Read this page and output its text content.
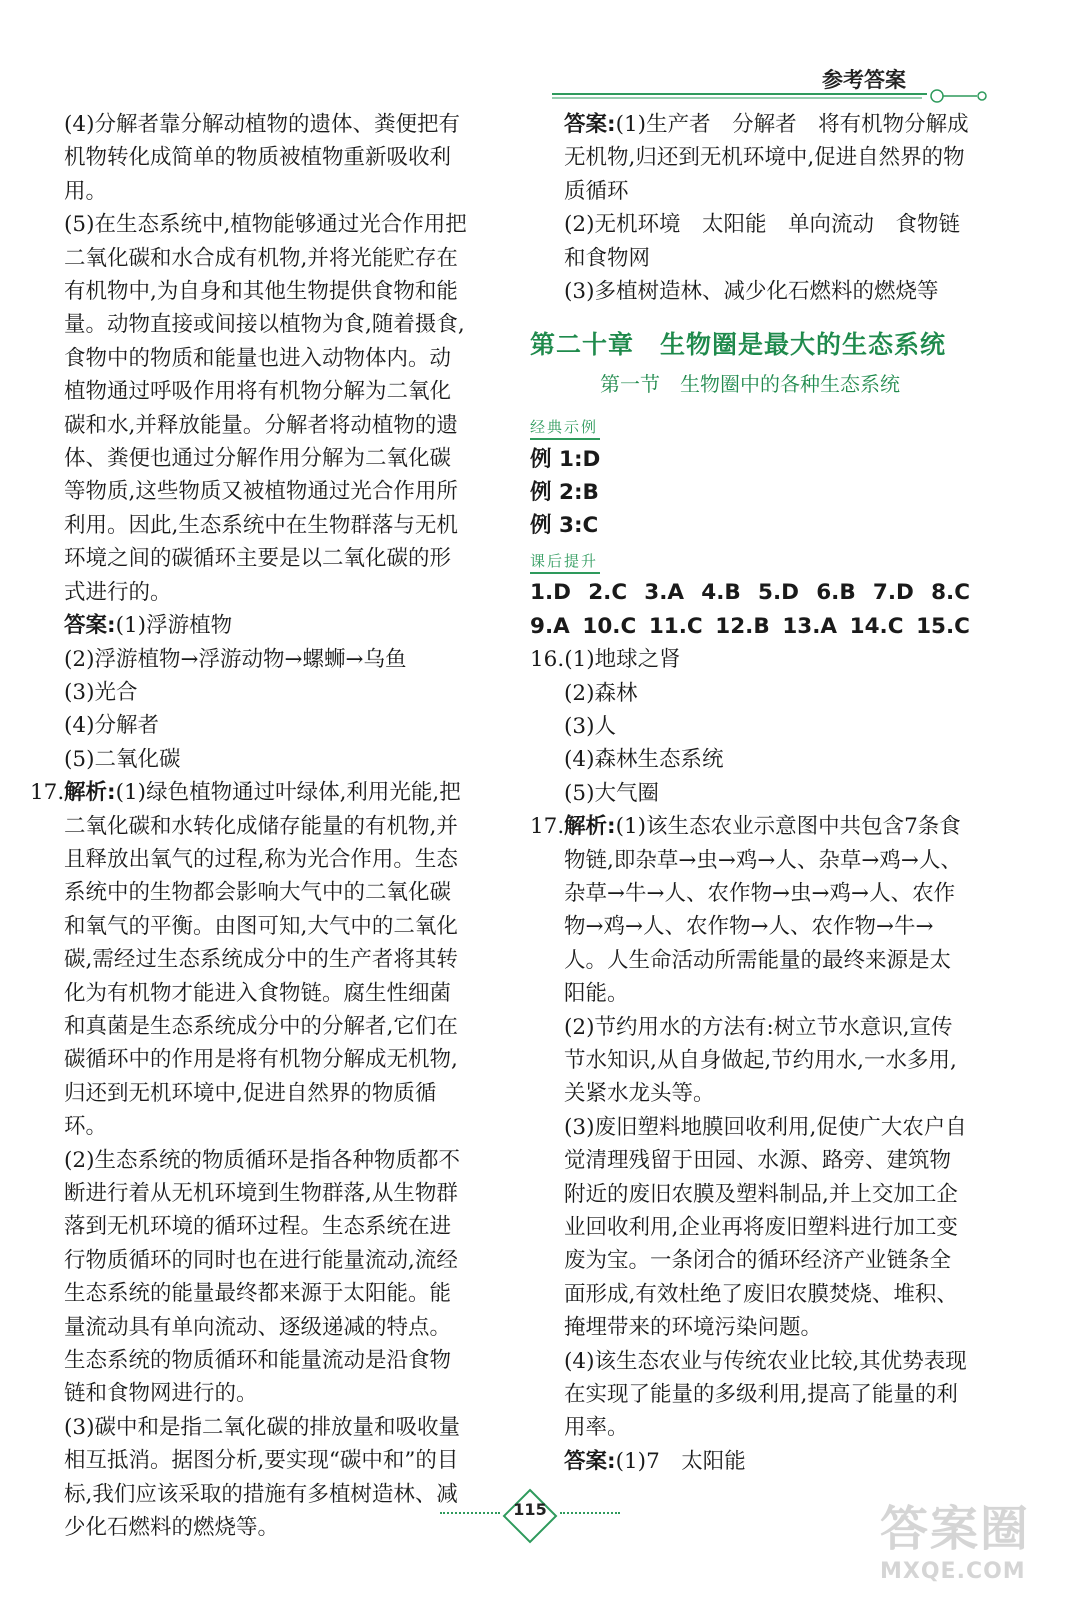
参考答案

(4)分解者靠分解动植物的遗体、粪便把有机物转化成简单的物质被植物重新吸收利用。

(5)在生态系统中,植物能够通过光合作用把二氧化碳和水合成有机物,并将光能贮存在有机物中,为自身和其他生物提供食物和能量。动物直接或间接以植物为食,随着摄食,食物中的物质和能量也进入动物体内。动植物通过呼吸作用将有机物分解为二氧化碳和水,并释放能量。分解者将动植物的遗体、粪便也通过分解作用分解为二氧化碳等物质,这些物质又被植物通过光合作用所利用。因此,生态系统中在生物群落与无机环境之间的碳循环主要是以二氧化碳的形式进行的。

答案:(1)浮游植物

(2)浮游植物→浮游动物→螺蛳→乌鱼

(3)光合

(4)分解者

(5)二氧化碳

17. 解析:(1)绿色植物通过叶绿体,利用光能,把二氧化碳和水转化成储存能量的有机物,并且释放出氧气的过程,称为光合作用。生态系统中的生物都会影响大气中的二氧化碳和氧气的平衡。由图可知,大气中的二氧化碳,需经过生态系统成分中的生产者将其转化为有机物才能进入食物链。腐生性细菌和真菌是生态系统成分中的分解者,它们在碳循环中的作用是将有机物分解成无机物,归还到无机环境中,促进自然界的物质循环。

(2)生态系统的物质循环是指各种物质都不断进行着从无机环境到生物群落,从生物群落到无机环境的循环过程。生态系统在进行物质循环的同时也在进行能量流动,流经生态系统的能量最终都来源于太阳能。能量流动具有单向流动、逐级递减的特点。生态系统的物质循环和能量流动是沿食物链和食物网进行的。

(3)碳中和是指二氧化碳的排放量和吸收量相互抵消。据图分析,要实现“碳中和”的目标,我们应该采取的措施有多植树造林、减少化石燃料的燃烧等。

答案:(1)生产者　分解者　将有机物分解成无机物,归还到无机环境中,促进自然界的物质循环

(2)无机环境　太阳能　单向流动　食物链和食物网

(3)多植树造林、减少化石燃料的燃烧等

第二十章　生物圈是最大的生态系统
第一节　生物圈中的各种生态系统
经典示例

例 1:D

例 2:B

例 3:C

课后提升
1.D 2.C 3.A 4.B 5.D 6.B 7.D 8.C
9.A 10.C 11.C 12.B 13.A 14.C 15.C

16.(1)地球之肾

(2)森林

(3)人

(4)森林生态系统

(5)大气圈

17. 解析:(1)该生态农业示意图中共包含7条食物链,即杂草→虫→鸡→人、杂草→鸡→人、杂草→牛→人、农作物→虫→鸡→人、农作物→鸡→人、农作物→人、农作物→牛→人。人生命活动所需能量的最终来源是太阳能。

(2)节约用水的方法有:树立节水意识,宣传节水知识,从自身做起,节约用水,一水多用,关紧水龙头等。

(3)废旧塑料地膜回收利用,促使广大农户自觉清理残留于田园、水源、路旁、建筑物附近的废旧农膜及塑料制品,并上交加工企业回收利用,企业再将废旧塑料进行加工变废为宝。一条闭合的循环经济产业链条全面形成,有效杜绝了废旧农膜焚烧、堆积、掩埋带来的环境污染问题。

(4)该生态农业与传统农业比较,其优势表现在实现了能量的多级利用,提高了能量的利用率。

答案:(1)7　太阳能

115	答案圈
MXQE.COM
